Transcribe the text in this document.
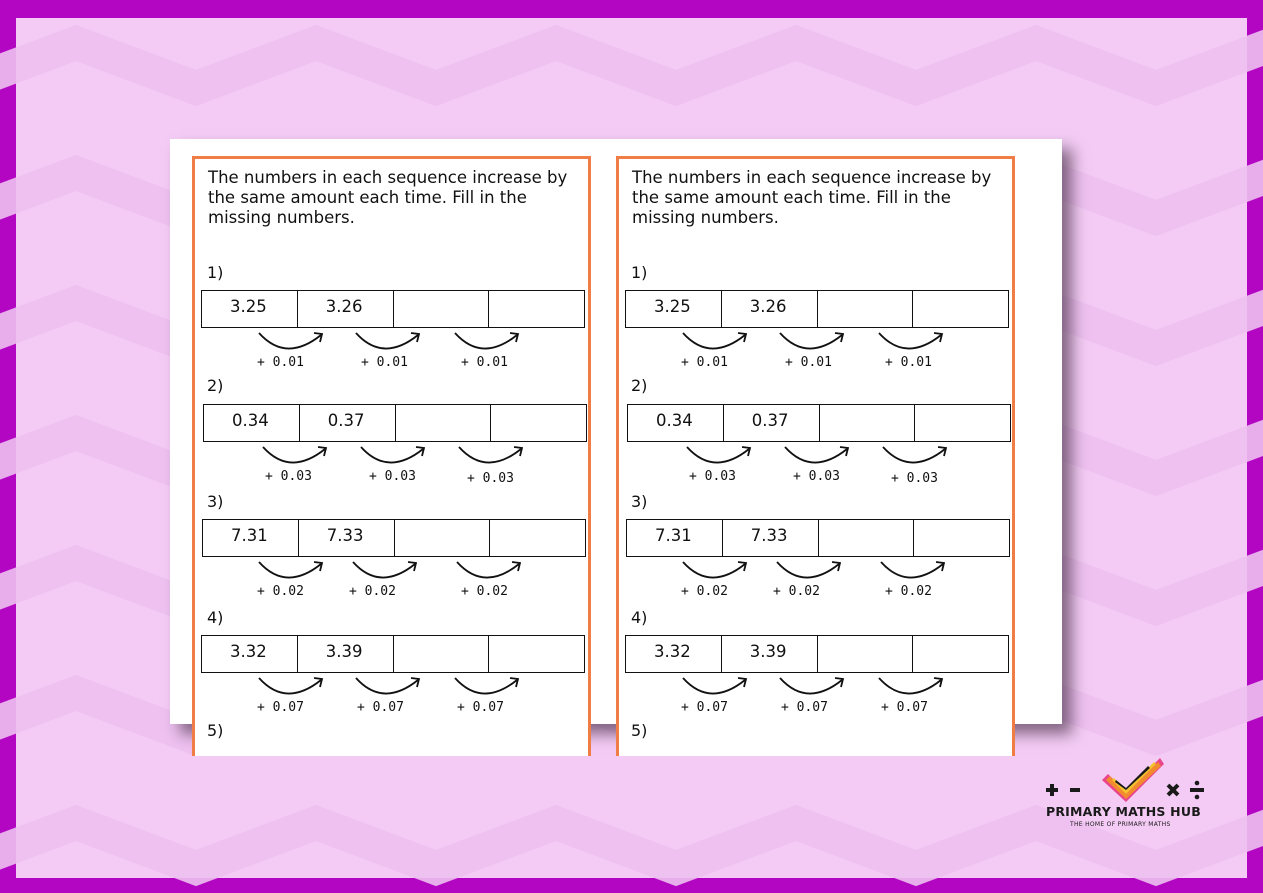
The numbers in each sequence increase by the same amount each time. Fill in the missing numbers.
1)
3.25	3.26
+ 0.01	+ 0.01	+ 0.01
2)
0.34	0.37
+ 0.03	+ 0.03	+ 0.03
3)
7.31	7.33
+ 0.02	+ 0.02	+ 0.02
4)
3.32	3.39
+ 0.07	+ 0.07	+ 0.07
5)
The numbers in each sequence increase by the same amount each time. Fill in the missing numbers.
1)
3.25	3.26
+ 0.01	+ 0.01	+ 0.01
2)
0.34	0.37
+ 0.03	+ 0.03	+ 0.03
3)
7.31	7.33
+ 0.02	+ 0.02	+ 0.02
4)
3.32	3.39
+ 0.07	+ 0.07	+ 0.07
5)
PRIMARY MATHS HUB
THE HOME OF PRIMARY MATHS
